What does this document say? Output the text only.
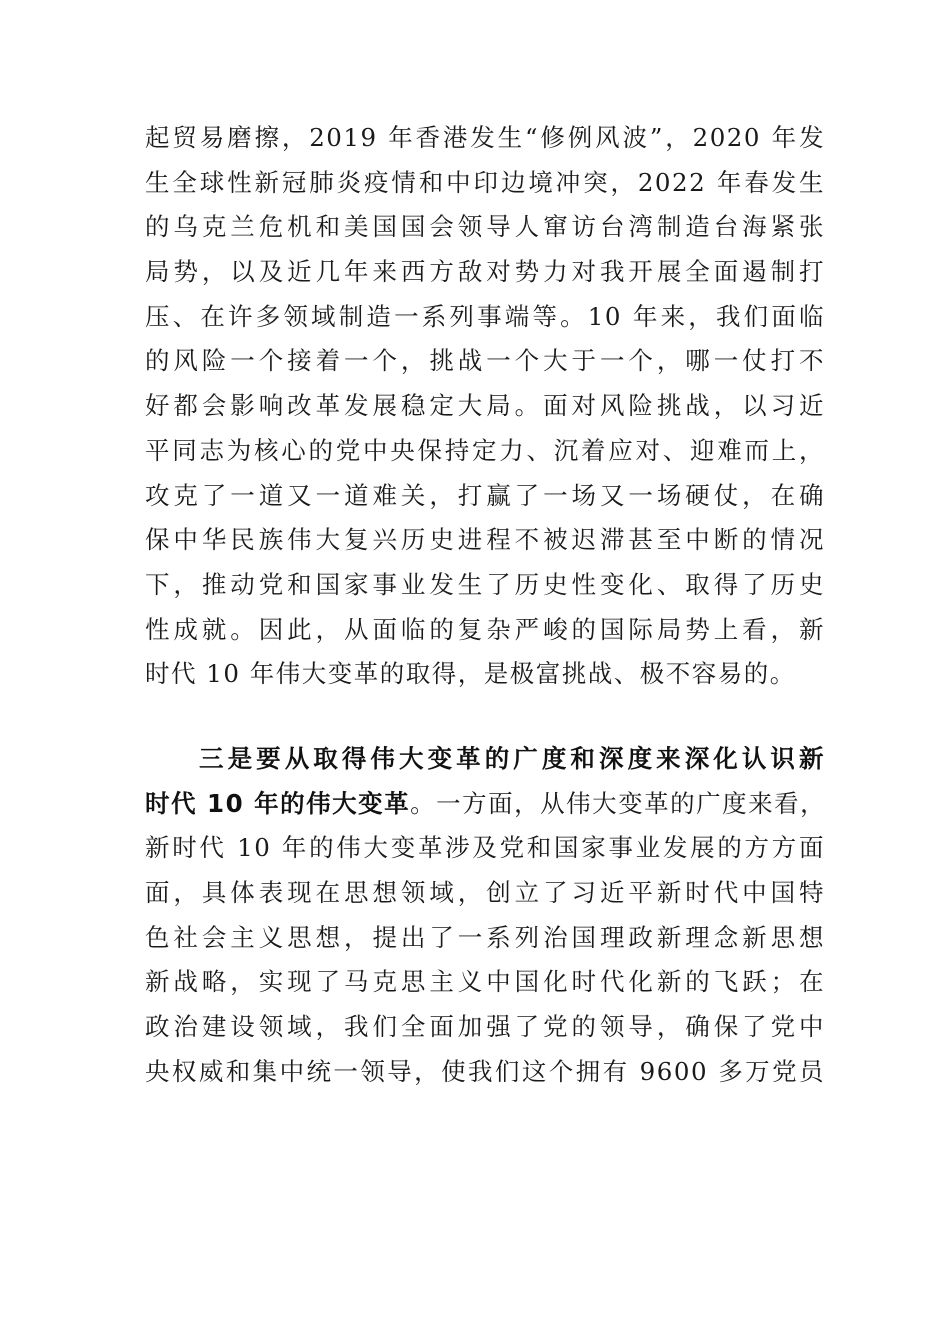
起贸易磨擦，2019 年香港发生“修例风波”，2020 年发
生全球性新冠肺炎疫情和中印边境冲突，2022 年春发生
的乌克兰危机和美国国会领导人窜访台湾制造台海紧张
局势，以及近几年来西方敌对势力对我开展全面遏制打
压、在许多领域制造一系列事端等。10 年来，我们面临
的风险一个接着一个，挑战一个大于一个，哪一仗打不
好都会影响改革发展稳定大局。面对风险挑战，以习近
平同志为核心的党中央保持定力、沉着应对、迎难而上，
攻克了一道又一道难关，打赢了一场又一场硬仗，在确
保中华民族伟大复兴历史进程不被迟滞甚至中断的情况
下，推动党和国家事业发生了历史性变化、取得了历史
性成就。因此，从面临的复杂严峻的国际局势上看，新
时代 10 年伟大变革的取得，是极富挑战、极不容易的。
三是要从取得伟大变革的广度和深度来深化认识新
时代 10 年的伟大变革。一方面，从伟大变革的广度来看，
新时代 10 年的伟大变革涉及党和国家事业发展的方方面
面，具体表现在思想领域，创立了习近平新时代中国特
色社会主义思想，提出了一系列治国理政新理念新思想
新战略，实现了马克思主义中国化时代化新的飞跃；在
政治建设领域，我们全面加强了党的领导，确保了党中
央权威和集中统一领导，使我们这个拥有 9600 多万党员
